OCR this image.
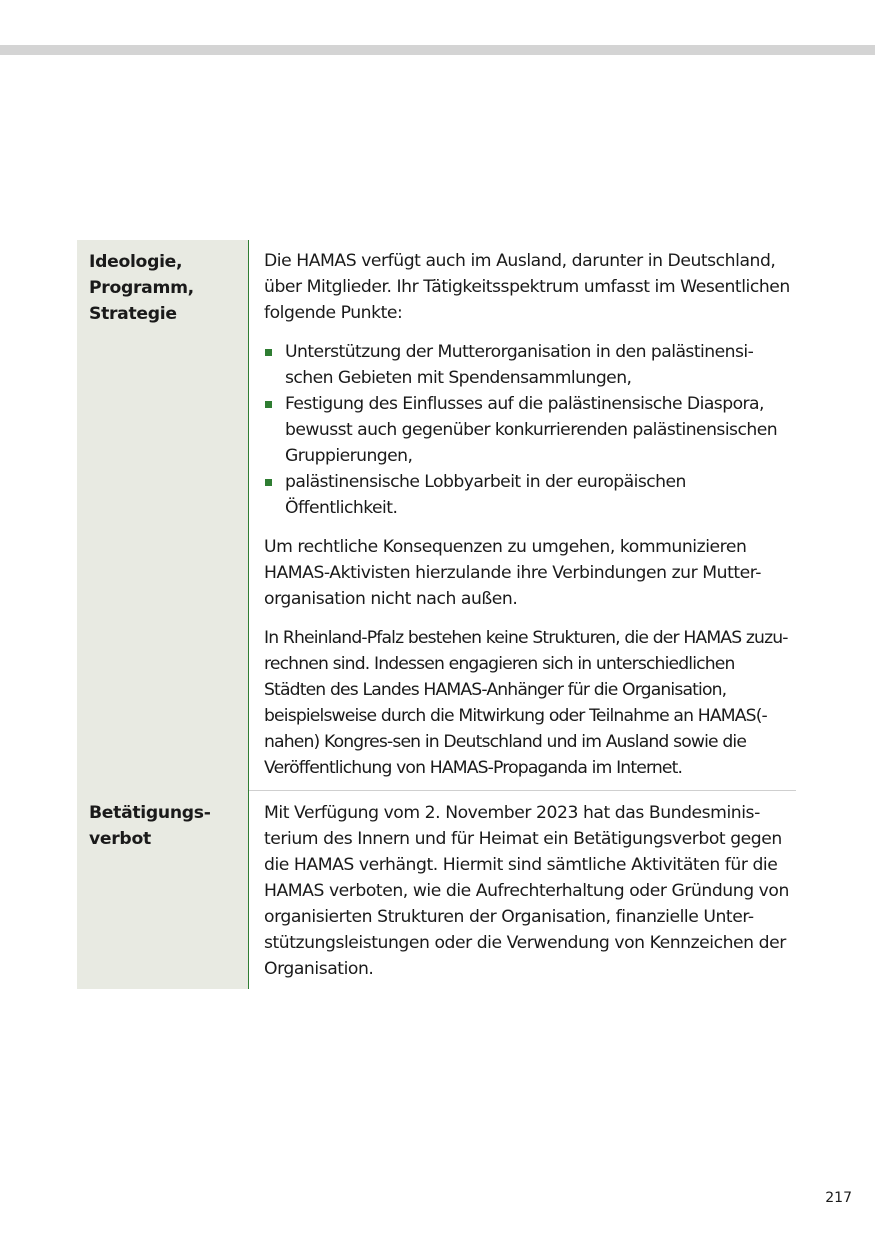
Ideologie,
Programm,
Strategie

Die HAMAS verfügt auch im Ausland, darunter in Deutschland, über Mitglieder. Ihr Tätigkeitsspektrum umfasst im Wesentlichen folgende Punkte:

Unterstützung der Mutterorganisation in den palästinensi-schen Gebieten mit Spendensammlungen,
Festigung des Einflusses auf die palästinensische Diaspora, bewusst auch gegenüber konkurrierenden palästinensischen Gruppierungen,
palästinensische Lobbyarbeit in der europäischen Öffentlichkeit.

Um rechtliche Konsequenzen zu umgehen, kommunizieren HAMAS-Aktivisten hierzulande ihre Verbindungen zur Mutter-organisation nicht nach außen.

In Rheinland-Pfalz bestehen keine Strukturen, die der HAMAS zuzu-rechnen sind. Indessen engagieren sich in unterschiedlichen Städten des Landes HAMAS-Anhänger für die Organisation, beispielsweise durch die Mitwirkung oder Teilnahme an HAMAS(-nahen) Kongres-sen in Deutschland und im Ausland sowie die Veröffentlichung von HAMAS-Propaganda im Internet.

Betätigungs-
verbot

Mit Verfügung vom 2. November 2023 hat das Bundesminis-terium des Innern und für Heimat ein Betätigungsverbot gegen die HAMAS verhängt. Hiermit sind sämtliche Aktivitäten für die HAMAS verboten, wie die Aufrechterhaltung oder Gründung von organisierten Strukturen der Organisation, finanzielle Unter-stützungsleistungen oder die Verwendung von Kennzeichen der Organisation.

217
